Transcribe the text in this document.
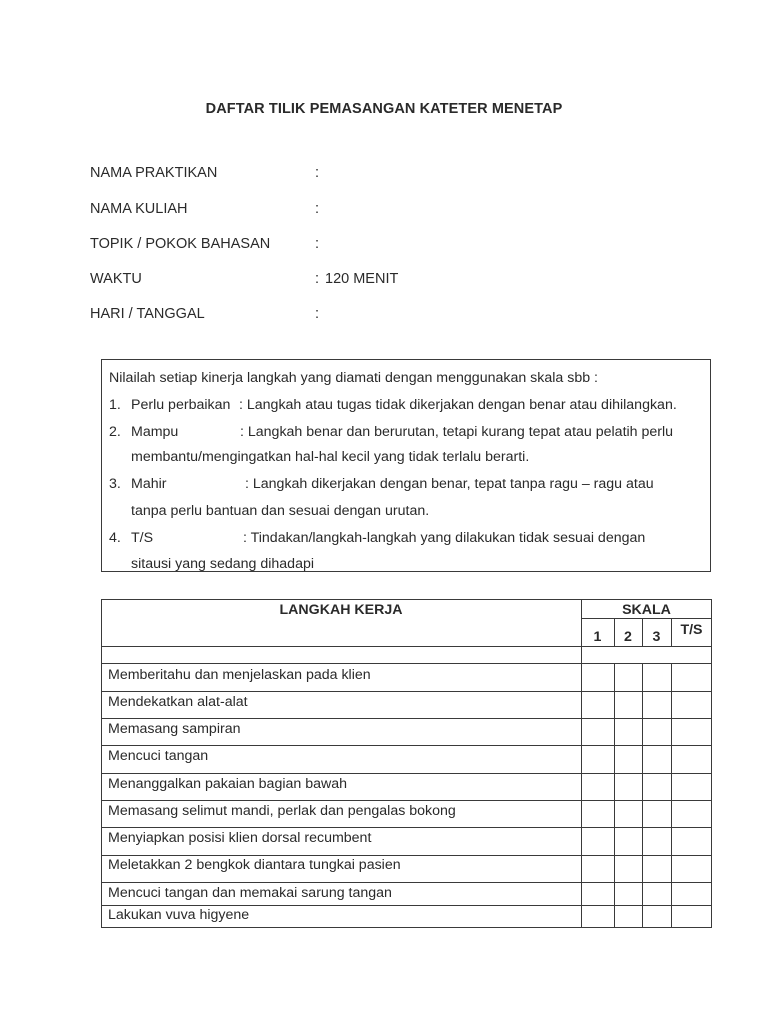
DAFTAR TILIK PEMASANGAN KATETER MENETAP
NAMA PRAKTIKAN	:
NAMA KULIAH	:
TOPIK / POKOK BAHASAN	:
WAKTU	: 120 MENIT
HARI / TANGGAL	:
Nilailah setiap kinerja langkah yang diamati dengan menggunakan skala sbb :
1. Perlu perbaikan : Langkah atau tugas tidak dikerjakan dengan benar atau dihilangkan.
2. Mampu	: Langkah benar dan berurutan, tetapi kurang tepat atau pelatih perlu
membantu/mengingatkan hal-hal kecil yang tidak terlalu berarti.
3. Mahir	: Langkah dikerjakan dengan benar, tepat tanpa ragu – ragu atau
tanpa perlu bantuan dan sesuai dengan urutan.
4. T/S	: Tindakan/langkah-langkah yang dilakukan tidak sesuai dengan
sitausi yang sedang dihadapi
LANGKAH KERJA	SKALA
1	2	3	T/S
Memberitahu dan menjelaskan pada klien
Mendekatkan alat-alat
Memasang sampiran
Mencuci tangan
Menanggalkan pakaian bagian bawah
Memasang selimut mandi, perlak dan pengalas bokong
Menyiapkan posisi klien dorsal recumbent
Meletakkan 2 bengkok diantara tungkai pasien
Mencuci tangan dan memakai sarung tangan
Lakukan vuva higyene
